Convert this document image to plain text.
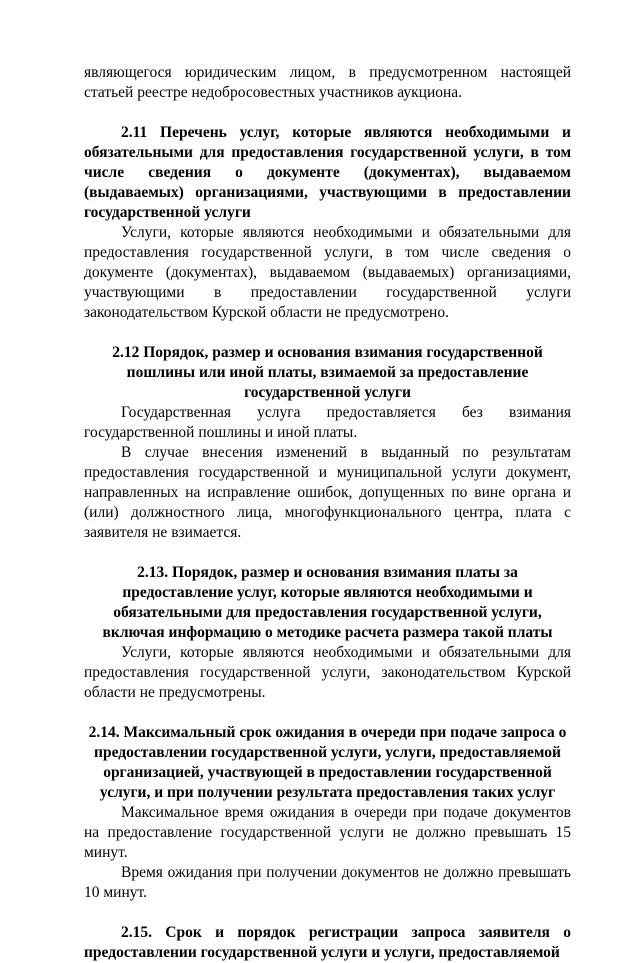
являющегося юридическим лицом, в предусмотренном настоящей статьей реестре недобросовестных участников аукциона.

2.11 Перечень услуг, которые являются необходимыми и обязательными для предоставления государственной услуги, в том числе сведения о документе (документах), выдаваемом (выдаваемых) организациями, участвующими в предоставлении государственной услуги

Услуги, которые являются необходимыми и обязательными для предоставления государственной услуги, в том числе сведения о документе (документах), выдаваемом (выдаваемых) организациями, участвующими в предоставлении государственной услуги законодательством Курской области не предусмотрено.

2.12 Порядок, размер и основания взимания государственной пошлины или иной платы, взимаемой за предоставление государственной услуги

Государственная услуга предоставляется без взимания государственной пошлины и иной платы.

В случае внесения изменений в выданный по результатам предоставления государственной и муниципальной услуги документ, направленных на исправление ошибок, допущенных по вине органа и (или) должностного лица, многофункционального центра, плата с заявителя не взимается.

2.13. Порядок, размер и основания взимания платы за предоставление услуг, которые являются необходимыми и обязательными для предоставления государственной услуги, включая информацию о методике расчета размера такой платы

Услуги, которые являются необходимыми и обязательными для предоставления государственной услуги, законодательством Курской области не предусмотрены.

2.14. Максимальный срок ожидания в очереди при подаче запроса о предоставлении государственной услуги, услуги, предоставляемой организацией, участвующей в предоставлении государственной услуги, и при получении результата предоставления таких услуг

Максимальное время ожидания в очереди при подаче документов на предоставление государственной услуги не должно превышать 15 минут.

Время ожидания при получении документов не должно превышать 10 минут.

2.15. Срок и порядок регистрации запроса заявителя о предоставлении государственной услуги и услуги, предоставляемой
